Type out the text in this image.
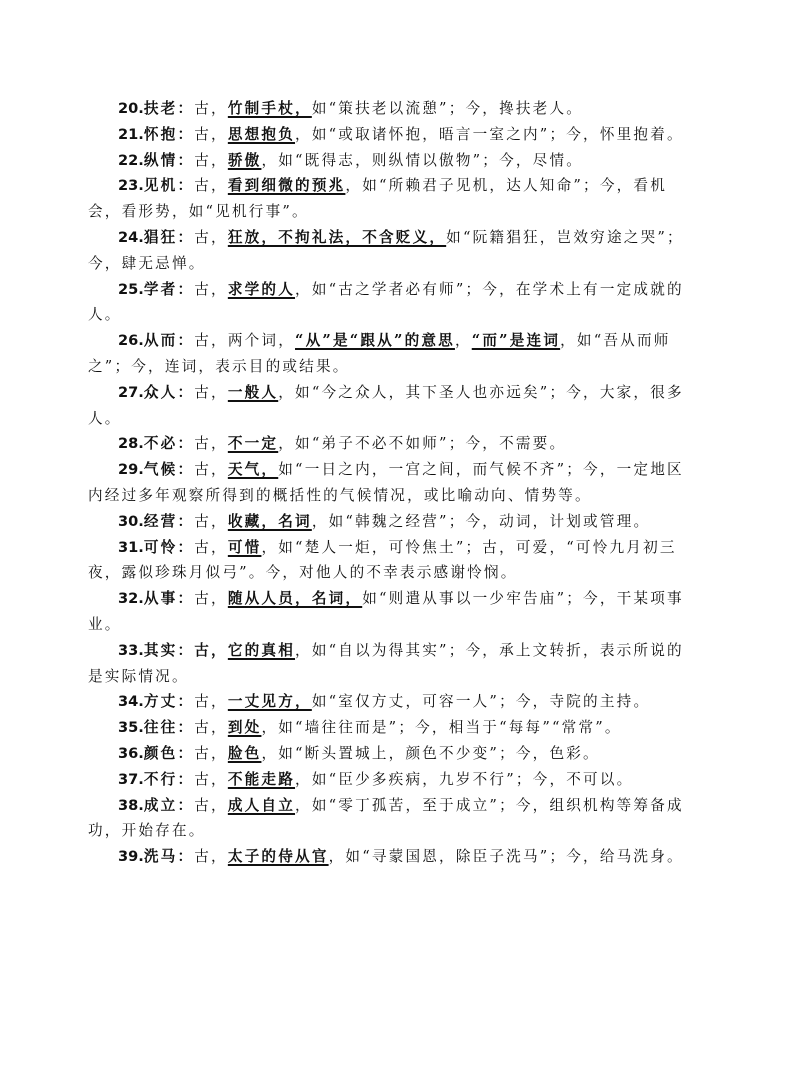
20.扶老：古，竹制手杖，如“策扶老以流憩”；今，搀扶老人。

21.怀抱：古，思想抱负，如“或取诸怀抱，晤言一室之内”；今，怀里抱着。

22.纵情：古，骄傲，如“既得志，则纵情以傲物”；今，尽情。

23.见机：古，看到细微的预兆，如“所赖君子见机，达人知命”；今，看机会，看形势，如“见机行事”。

24.猖狂：古，狂放，不拘礼法，不含贬义，如“阮籍猖狂，岂效穷途之哭”；今，肆无忌惮。

25.学者：古，求学的人，如“古之学者必有师”；今，在学术上有一定成就的人。

26.从而：古，两个词，“从”是“跟从”的意思，“而”是连词，如“吾从而师之”；今，连词，表示目的或结果。

27.众人：古，一般人，如“今之众人，其下圣人也亦远矣”；今，大家，很多人。

28.不必：古，不一定，如“弟子不必不如师”；今，不需要。

29.气候：古，天气，如“一日之内，一宫之间，而气候不齐”；今，一定地区内经过多年观察所得到的概括性的气候情况，或比喻动向、情势等。

30.经营：古，收藏，名词，如“韩魏之经营”；今，动词，计划或管理。

31.可怜：古，可惜，如“楚人一炬，可怜焦土”；古，可爱，“可怜九月初三夜，露似珍珠月似弓”。今，对他人的不幸表示感谢怜悯。

32.从事：古，随从人员，名词，如“则遣从事以一少牢告庙”；今，干某项事业。

33.其实：古，它的真相，如“自以为得其实”；今，承上文转折，表示所说的是实际情况。

34.方丈：古，一丈见方，如“室仅方丈，可容一人”；今，寺院的主持。

35.往往：古，到处，如“墙往往而是”；今，相当于“每每”“常常”。

36.颜色：古，脸色，如“断头置城上，颜色不少变”；今，色彩。

37.不行：古，不能走路，如“臣少多疾病，九岁不行”；今，不可以。

38.成立：古，成人自立，如“零丁孤苦，至于成立”；今，组织机构等筹备成功，开始存在。

39.洗马：古，太子的侍从官，如“寻蒙国恩，除臣子洗马”；今，给马洗身。
